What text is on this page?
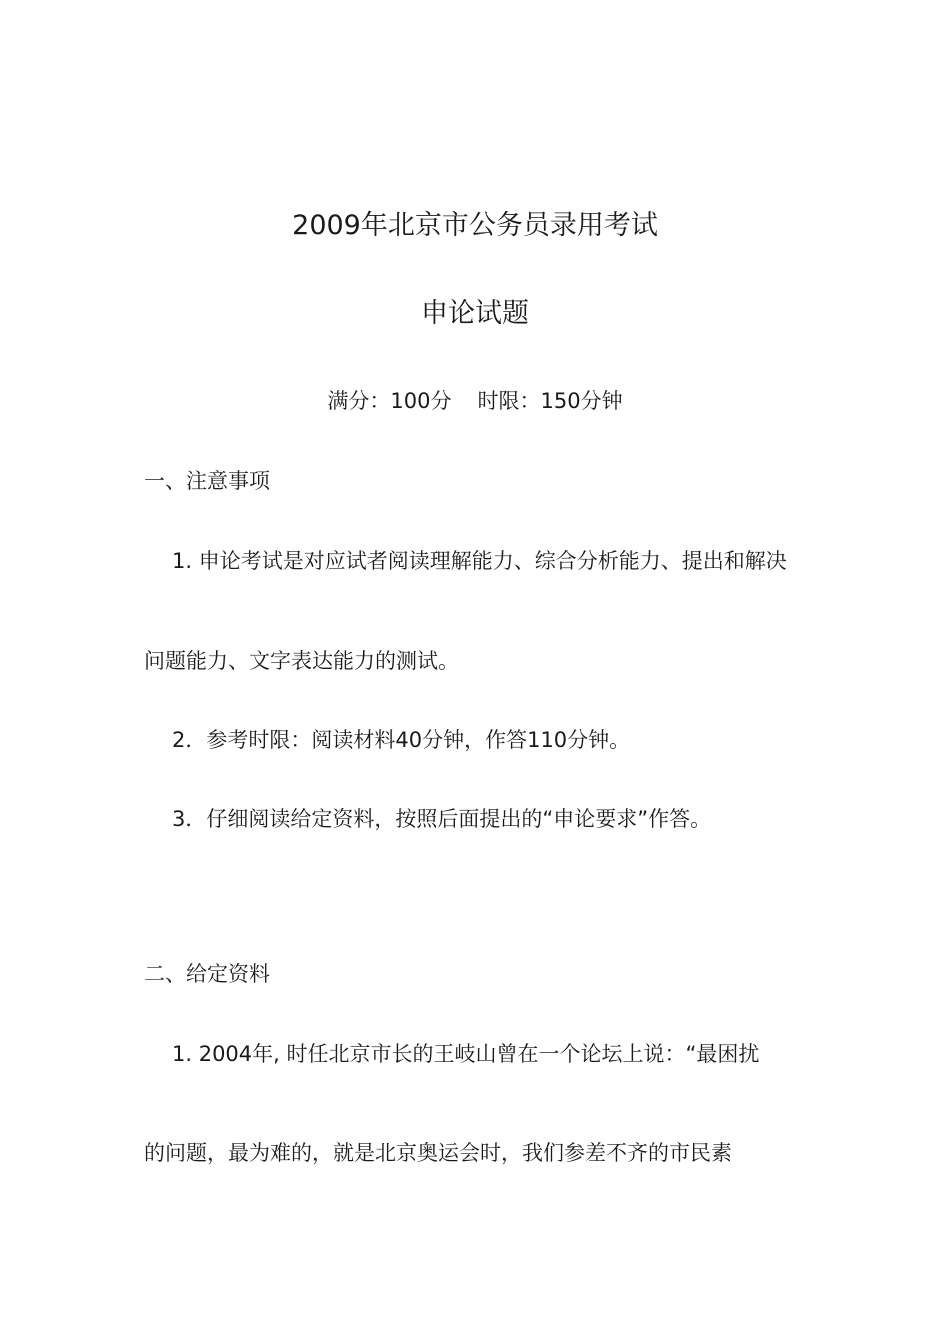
2009年北京市公务员录用考试
申论试题
满分：100分 时限：150分钟
一、注意事项
1. 申论考试是对应试者阅读理解能力、综合分析能力、提出和解决
问题能力、文字表达能力的测试。
2．参考时限：阅读材料40分钟，作答110分钟。
3．仔细阅读给定资料，按照后面提出的“申论要求”作答。
二、给定资料
1. 2004年, 时任北京市长的王岐山曾在一个论坛上说：“最困扰
的问题，最为难的，就是北京奥运会时，我们参差不齐的市民素
